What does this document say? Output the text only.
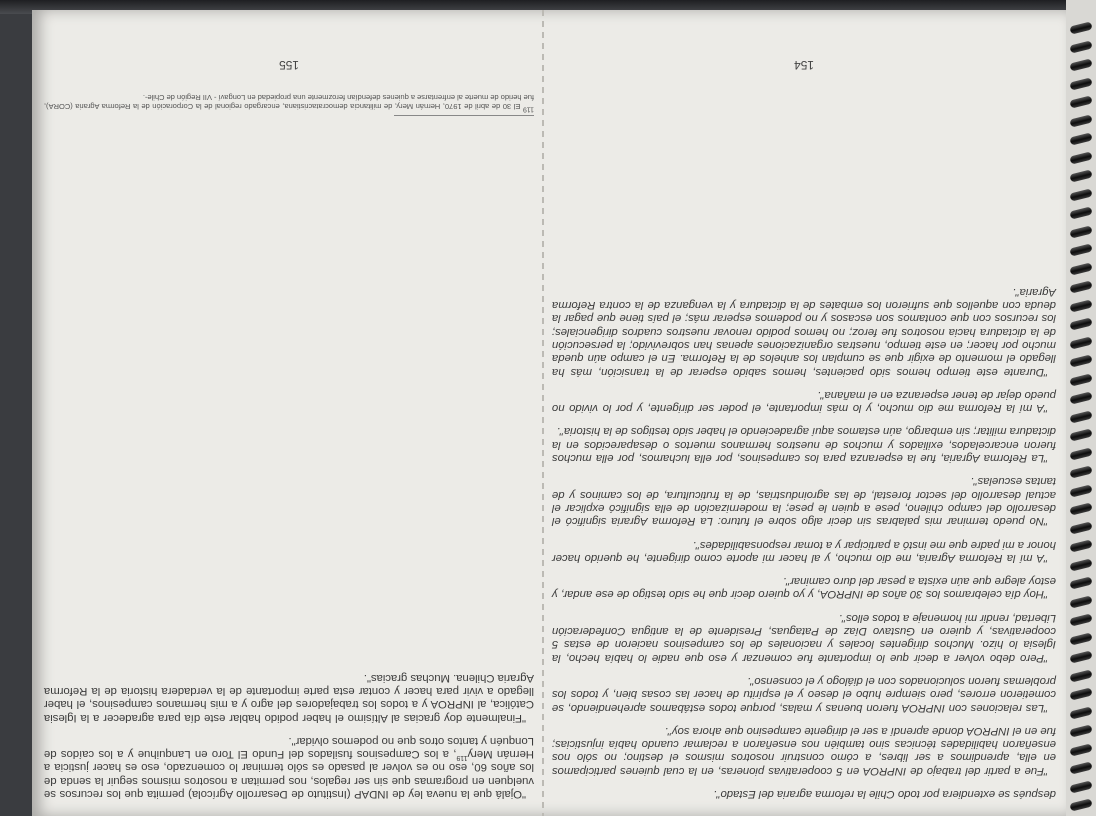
después se extendiera por todo Chile la reforma agraria del Estado".

"Fue a partir del trabajo de INPROA en 5 cooperativas pioneras, en la cual quienes participamos en ella, aprendimos a ser libres, a cómo construir nosotros mismos el destino; no sólo nos enseñaron habilidades técnicas sino también nos enseñaron a reclamar cuando había injusticias; fue en el INPROA donde aprendí a ser el dirigente campesino que ahora soy".

"Las relaciones con INPROA fueron buenas y malas, porque todos estábamos aprehendiendo, se cometieron errores, pero siempre hubo el deseo y el espíritu de hacer las cosas bien, y todos los problemas fueron solucionados con el diálogo y el consenso".

"Pero debo volver a decir que lo importante fue comenzar y eso que nadie lo había hecho, la Iglesia lo hizo. Muchos dirigentes locales y nacionales de los campesinos nacieron de estas 5 cooperativas, y quiero en Gustavo Díaz de Pataguas, Presidente de la antigua Confederación Libertad, rendir mi homenaje a todos ellos".

"Hoy día celebramos los 30 años de INPROA, y yo quiero decir que he sido testigo de ese andar, y estoy alegre que aún exista a pesar del duro caminar".

"A mí la Reforma Agraria, me dio mucho, y al hacer mi aporte como dirigente, he querido hacer honor a mi padre que me instó a participar y a tomar responsabilidades".

"No puedo terminar mis palabras sin decir algo sobre el futuro: La Reforma Agraria significó el desarrollo del campo chileno, pese a quien le pese; la modernización de ella significó explicar el actual desarrollo del sector forestal, de las agroindustrias, de la fruticultura, de los caminos y de tantas escuelas".

"La Reforma Agraria, fue la esperanza para los campesinos, por ella luchamos, por ella muchos fueron encarcelados, exiliados y muchos de nuestros hermanos muertos o desaparecidos en la dictadura militar; sin embargo, aún estamos aquí agradeciendo el haber sido testigos de la historia".

"A mí la Reforma me dio mucho, y lo más importante, el poder ser dirigente, y por lo vivido no puedo dejar de tener esperanza en el mañana".

"Durante este tiempo hemos sido pacientes, hemos sabido esperar de la transición, más ha llegado el momento de exigir que se cumplan los anhelos de la Reforma. En el campo aún queda mucho por hacer; en este tiempo, nuestras organizaciones apenas han sobrevivido; la persecución de la dictadura hacia nosotros fue feroz; no hemos podido renovar nuestros cuadros dirigenciales; los recursos con que contamos son escasos y no podemos esperar más; el país tiene que pagar la deuda con aquellos que sufrieron los embates de la dictadura y la venganza de la contra Reforma Agraria".

154

"Ojalá que la nueva ley de INDAP (Instituto de Desarrollo Agrícola) permita que los recursos se vuelquen en programas que sin ser regalos, nos permitan a nosotros mismos seguir la senda de los años 60, eso no es volver al pasado es sólo terminar lo comenzado, eso es hacer justicia a Hernán Mery$^{119}$, a los Campesinos fusilados del Fundo El Toro en Lanquihue y a los caídos de Lonquén y tantos otros que no podemos olvidar".

"Finalmente doy gracias al Altísimo el haber podido hablar este día para agradecer a la Iglesia Católica, al INPROA y a todos los trabajadores del agro y a mis hermanos campesinos, el haber llegado a vivir para hacer y contar esta parte importante de la verdadera historia de la Reforma Agraria Chilena. Muchas gracias".

$^{119}$ El 30 de abril de 1970, Hernán Mery, de militancia democratacristiana, encargado regional de la Corporación de la Reforma Agraria (CORA), fue herido de muerte al enfrentarse a quienes defendían ferozmente una propiedad en Longaví - VII Región de Chile-.
155
